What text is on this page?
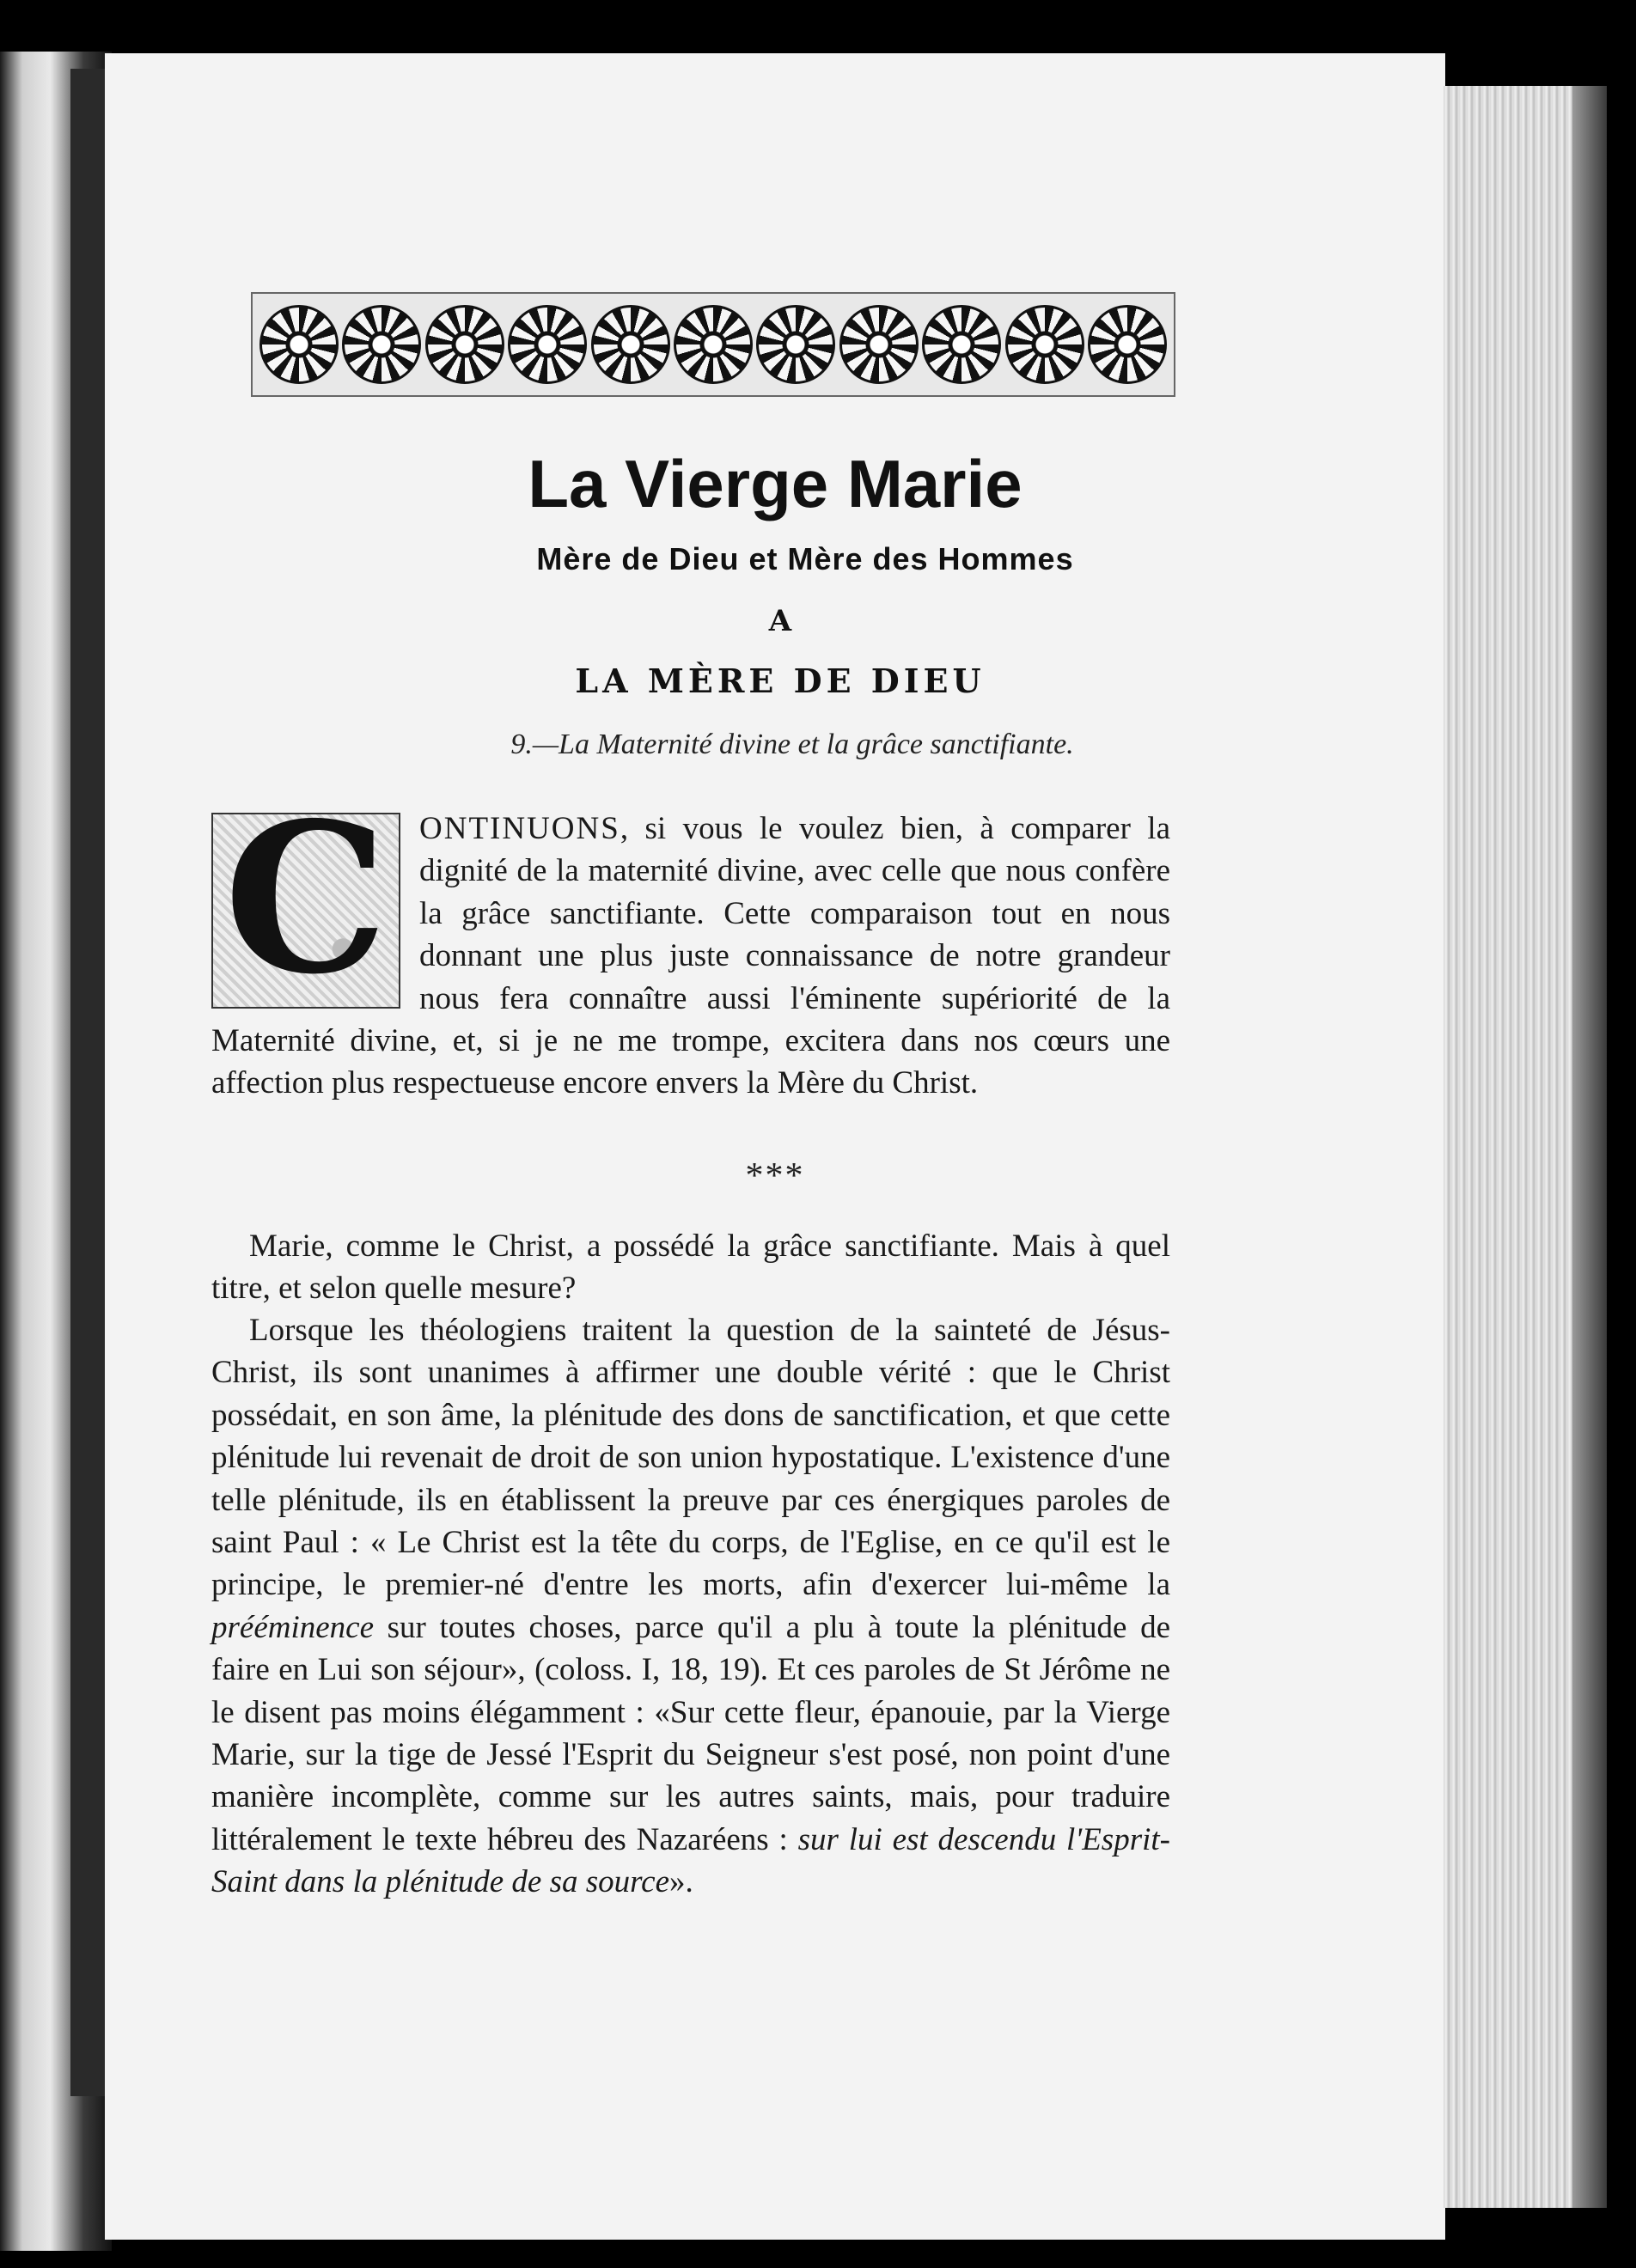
La Vierge Marie
Mère de Dieu et Mère des Hommes
A
LA MÈRE DE DIEU
9.—La Maternité divine et la grâce sanctifiante.
C ONTINUONS, si vous le voulez bien, à comparer la dignité de la maternité divine, avec celle que nous confère la grâce sanctifiante. Cette comparaison tout en nous donnant une plus juste connaissance de notre grandeur nous fera connaître aussi l'éminente supériorité de la Maternité divine, et, si je ne me trompe, excitera dans nos cœurs une affection plus respectueuse encore envers la Mère du Christ.
***
Marie, comme le Christ, a possédé la grâce sanctifiante. Mais à quel titre, et selon quelle mesure?
Lorsque les théologiens traitent la question de la sainteté de Jésus-Christ, ils sont unanimes à affirmer une double vérité : que le Christ possédait, en son âme, la plénitude des dons de sanctification, et que cette plénitude lui revenait de droit de son union hypostatique. L'existence d'une telle plénitude, ils en établissent la preuve par ces énergiques paroles de saint Paul : « Le Christ est la tête du corps, de l'Eglise, en ce qu'il est le principe, le premier-né d'entre les morts, afin d'exercer lui-même la prééminence sur toutes choses, parce qu'il a plu à toute la plénitude de faire en Lui son séjour», (coloss. I, 18, 19). Et ces paroles de St Jérôme ne le disent pas moins élégamment : «Sur cette fleur, épanouie, par la Vierge Marie, sur la tige de Jessé l'Esprit du Seigneur s'est posé, non point d'une manière incomplète, comme sur les autres saints, mais, pour traduire littéralement le texte hébreu des Nazaréens : sur lui est descendu l'Esprit-Saint dans la plénitude de sa source».
